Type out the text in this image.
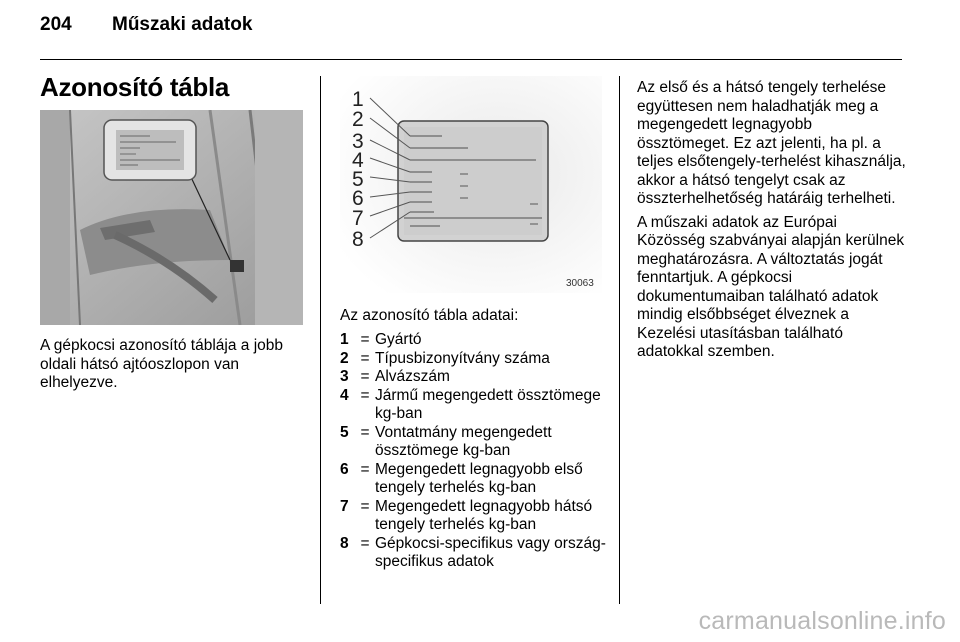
204 Műszaki adatok
Azonosító tábla
A gépkocsi azonosító táblája a jobb oldali hátsó ajtóoszlopon van elhelyezve.
1
2
3
4
5
6
7
8
30063
Az azonosító tábla adatai:
1 = Gyártó
2 = Típusbizonyítvány száma
3 = Alvázszám
4 = Jármű megengedett össztömege kg-ban
5 = Vontatmány megengedett össztömege kg-ban
6 = Megengedett legnagyobb első tengely terhelés kg-ban
7 = Megengedett legnagyobb hátsó tengely terhelés kg-ban
8 = Gépkocsi-specifikus vagy ország-specifikus adatok

Az első és a hátsó tengely terhelése együttesen nem haladhatják meg a megengedett legnagyobb össztömeget. Ez azt jelenti, ha pl. a teljes elsőtengely-terhelést kihasználja, akkor a hátsó tengelyt csak az összterhelhetőség határáig terhelheti.

A műszaki adatok az Európai Közösség szabványai alapján kerülnek meghatározásra. A változtatás jogát fenntartjuk. A gépkocsi dokumentumaiban található adatok mindig elsőbbséget élveznek a Kezelési utasításban található adatokkal szemben.

carmanualsonline.info
